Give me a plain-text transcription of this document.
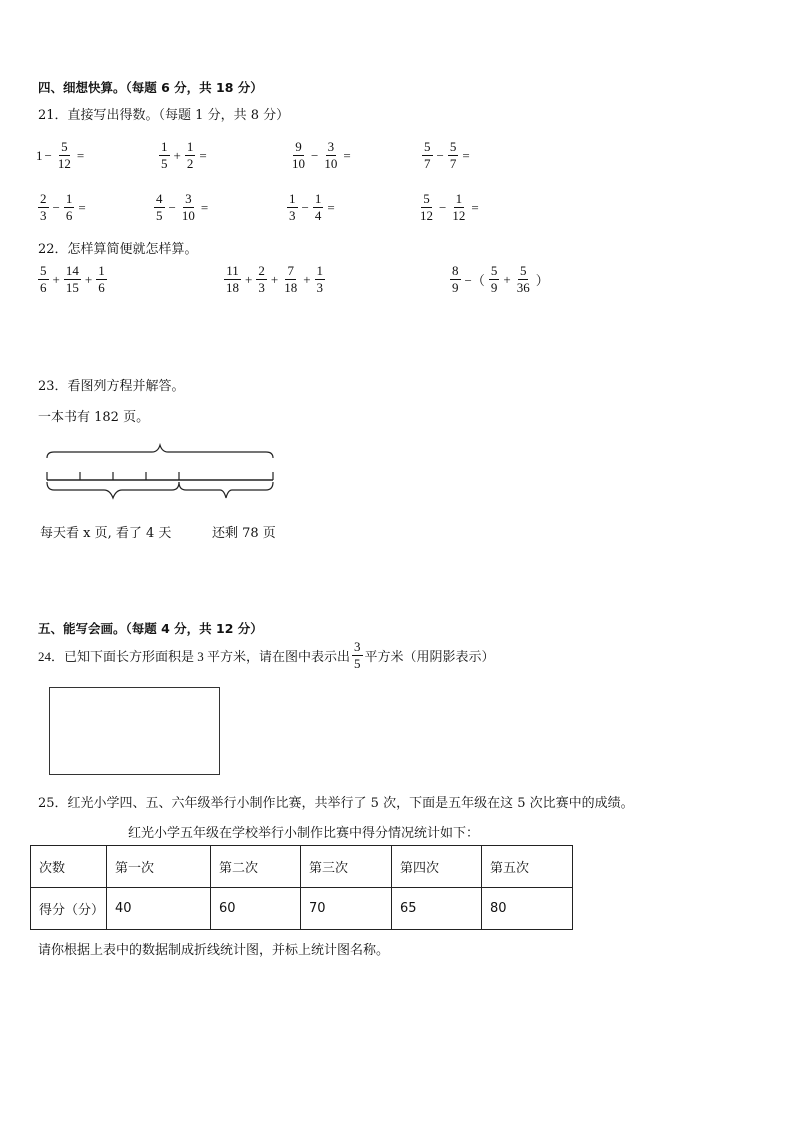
四、细想快算。（每题 6 分，共 18 分）
21．直接写出得数。（每题 1 分，共 8 分）
$1 - \frac{5}{12}$ =	$\frac{1}{5} + \frac{1}{2}$ =	$\frac{9}{10} - \frac{3}{10}$ =	$\frac{5}{7} - \frac{5}{7}$ =
$\frac{2}{3} - \frac{1}{6}$ =	$\frac{4}{5} - \frac{3}{10}$ =	$\frac{1}{3} - \frac{1}{4}$ =	$\frac{5}{12} - \frac{1}{12}$ =
22．怎样算简便就怎样算。
$\frac{5}{6} + \frac{14}{15} + \frac{1}{6}$	$\frac{11}{18} + \frac{2}{3} + \frac{7}{18} + \frac{1}{3}$	$\frac{8}{9}$ −（ $\frac{5}{9} + \frac{5}{36}$ ）
23．看图列方程并解答。
一本书有 182 页。
每天看 x 页, 看了 4 天	还剩 78 页
五、能写会画。（每题 4 分，共 12 分）
24．已知下面长方形面积是 3 平方米，请在图中表示出 $\frac{3}{5}$ 平方米（用阴影表示）
25．红光小学四、五、六年级举行小制作比赛，共举行了 5 次，下面是五年级在这 5 次比赛中的成绩。
红光小学五年级在学校举行小制作比赛中得分情况统计如下：
次数	第一次	第二次	第三次	第四次	第五次
得分（分）	40	60	70	65	80
请你根据上表中的数据制成折线统计图，并标上统计图名称。
